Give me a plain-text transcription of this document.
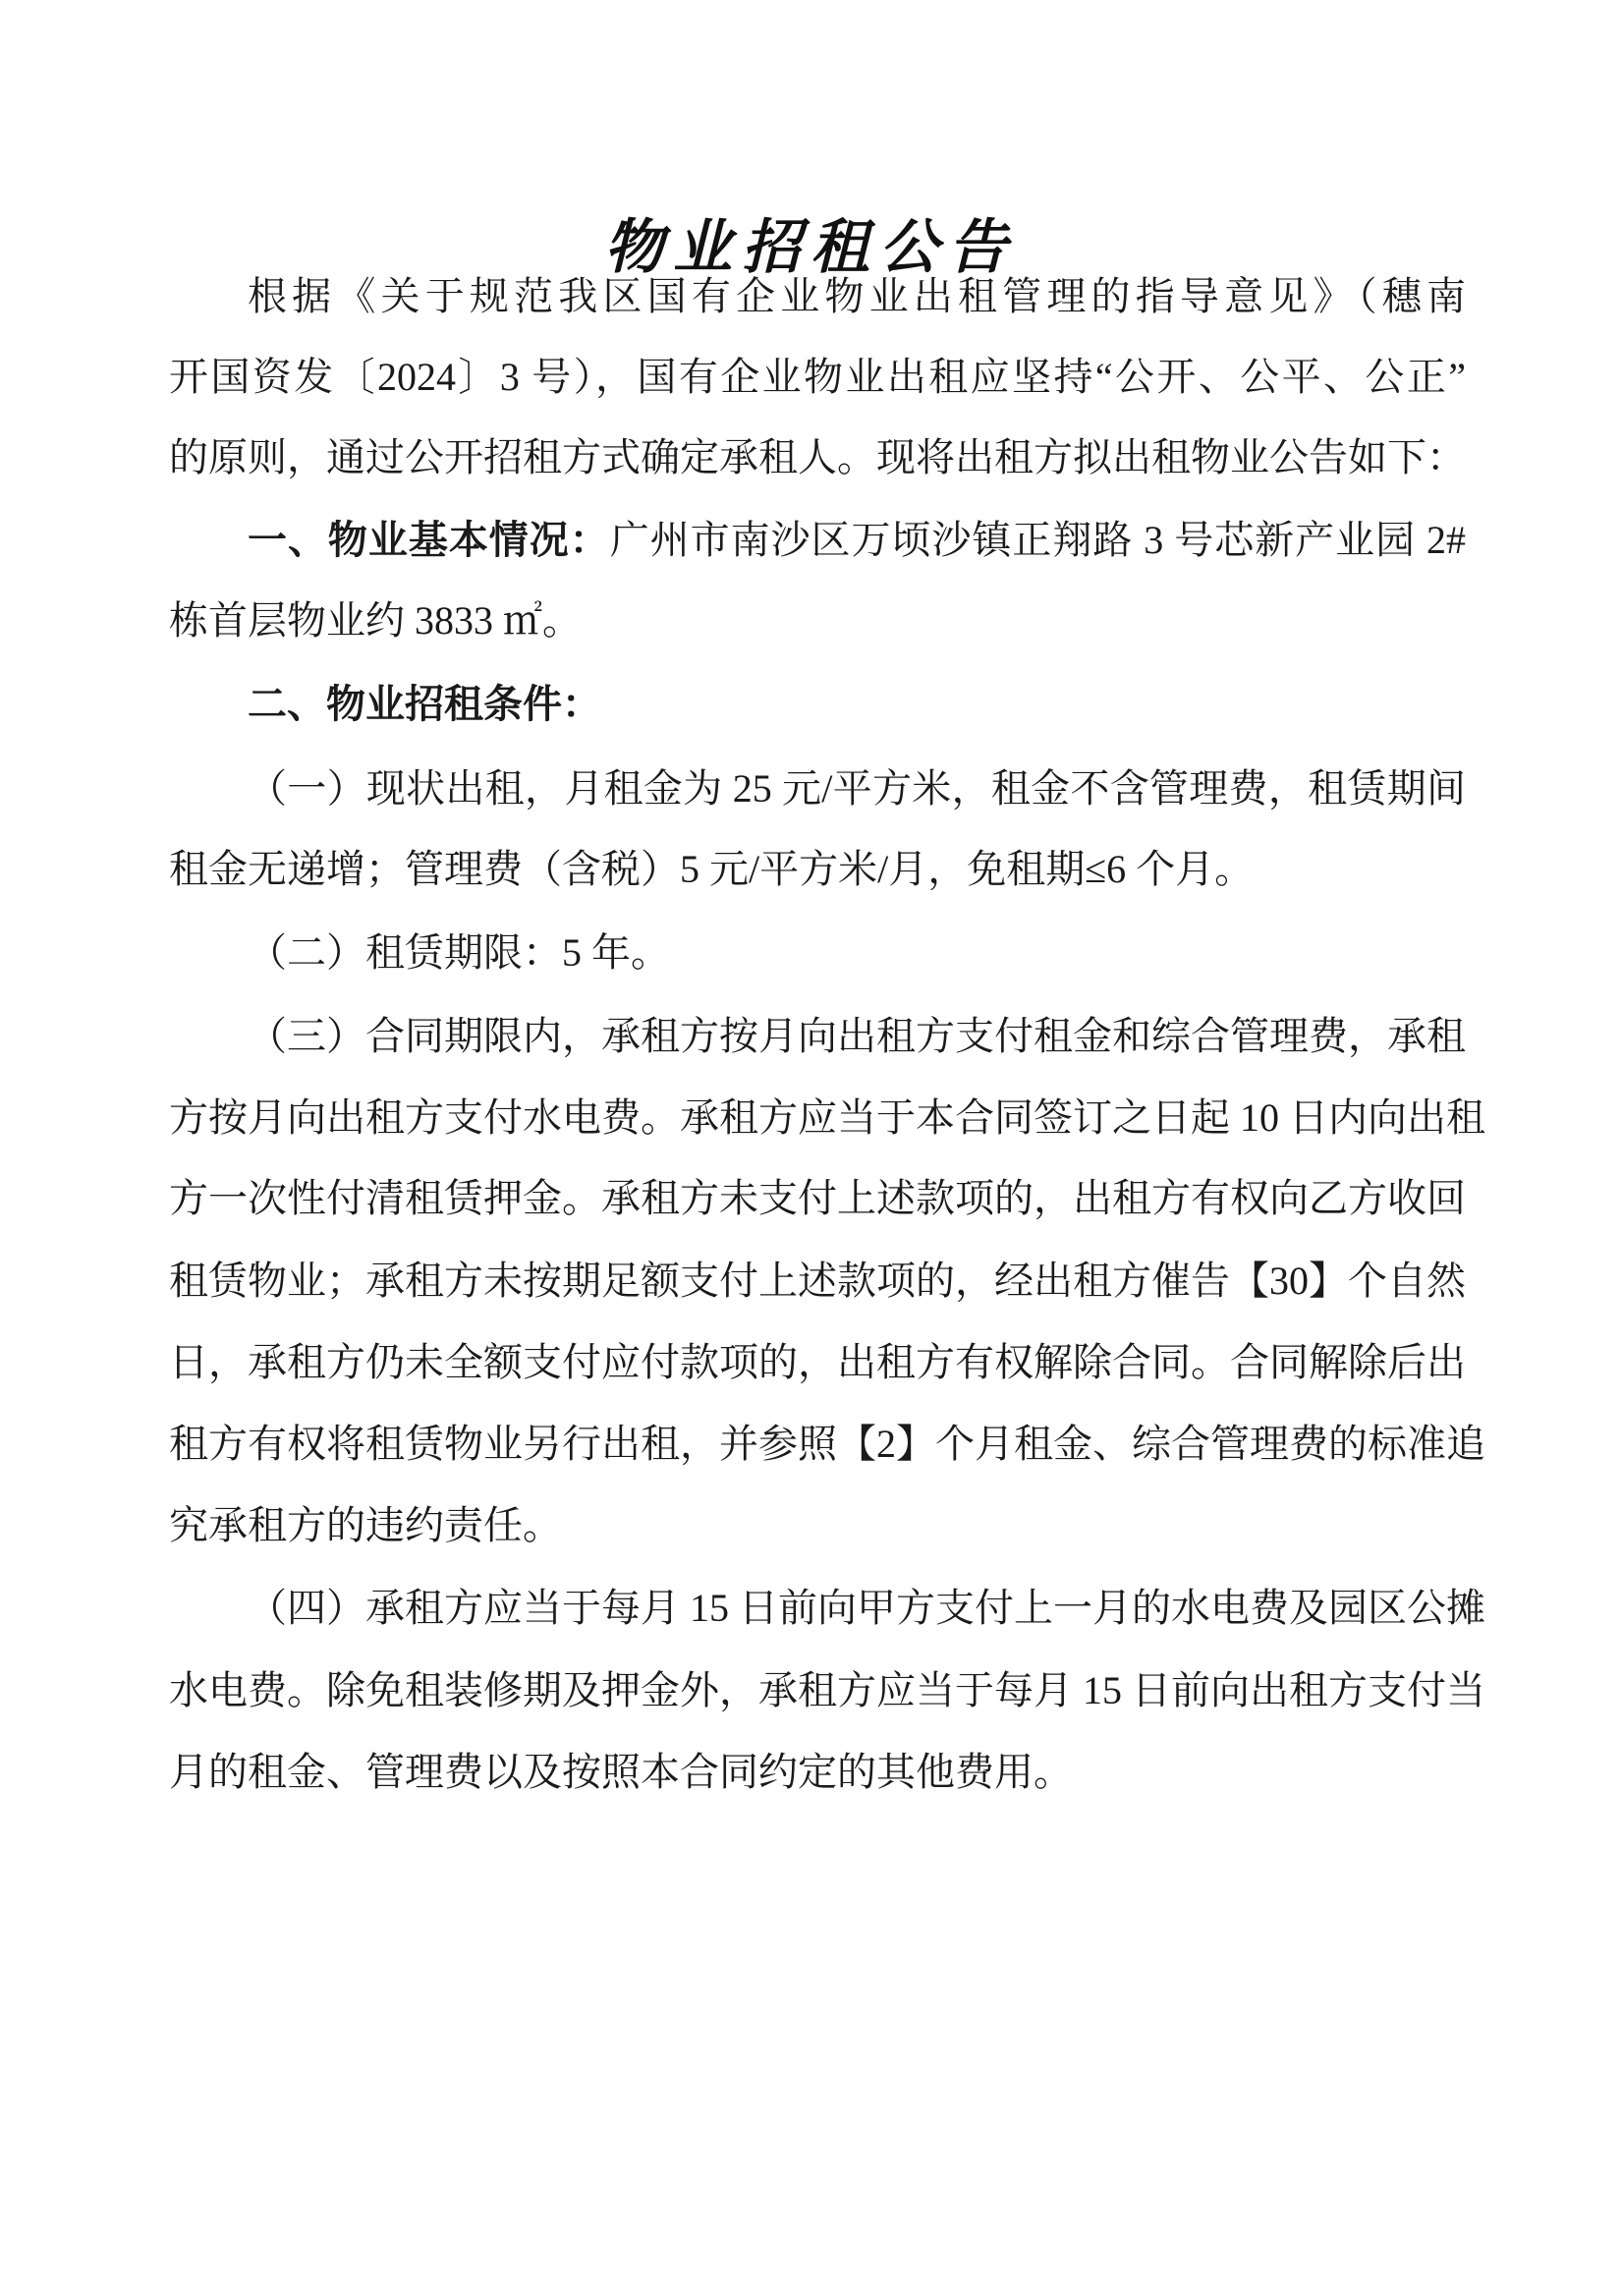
物业招租公告
根据《关于规范我区国有企业物业出租管理的指导意见》（穗南
开国资发〔2024〕3 号），国有企业物业出租应坚持“公开、公平、公正”
的原则，通过公开招租方式确定承租人。现将出租方拟出租物业公告如下：
一、物业基本情况：广州市南沙区万顷沙镇正翔路 3 号芯新产业园 2#
栋首层物业约 3833 ㎡。
二、物业招租条件：
（一）现状出租，月租金为 25 元/平方米，租金不含管理费，租赁期间
租金无递增；管理费（含税）5 元/平方米/月，免租期≤6 个月。
（二）租赁期限：5 年。
（三）合同期限内，承租方按月向出租方支付租金和综合管理费，承租
方按月向出租方支付水电费。承租方应当于本合同签订之日起 10 日内向出租
方一次性付清租赁押金。承租方未支付上述款项的，出租方有权向乙方收回
租赁物业；承租方未按期足额支付上述款项的，经出租方催告【30】个自然
日，承租方仍未全额支付应付款项的，出租方有权解除合同。合同解除后出
租方有权将租赁物业另行出租，并参照【2】个月租金、综合管理费的标准追
究承租方的违约责任。
（四）承租方应当于每月 15 日前向甲方支付上一月的水电费及园区公摊
水电费。除免租装修期及押金外，承租方应当于每月 15 日前向出租方支付当
月的租金、管理费以及按照本合同约定的其他费用。
